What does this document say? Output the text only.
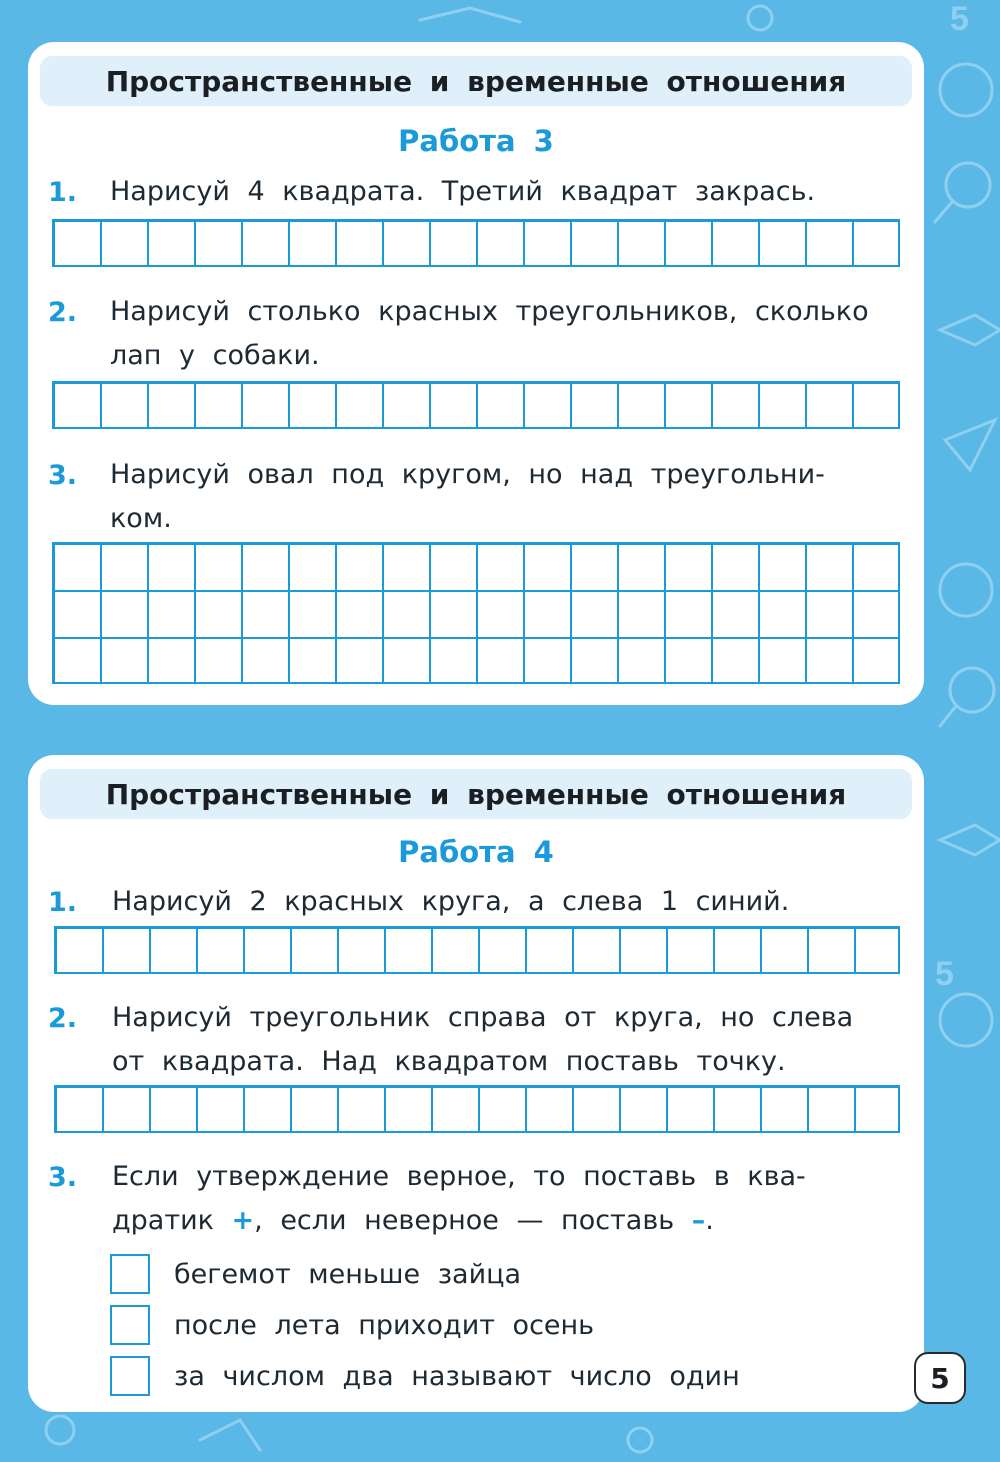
5
5
Пространственные и временные отношения
Работа 3
1. Нарисуй 4 квадрата. Третий квадрат закрась.
2. Нарисуй столько красных треугольников, сколько
лап у собаки.
3. Нарисуй овал под кругом, но над треугольни-
ком.
Пространственные и временные отношения
Работа 4
1. Нарисуй 2 красных круга, а слева 1 синий.
2. Нарисуй треугольник справа от круга, но слева
от квадрата. Над квадратом поставь точку.
3. Если утверждение верное, то поставь в ква-
дратик +, если неверное — поставь –.
бегемот меньше зайца
после лета приходит осень
за числом два называют число один	5
